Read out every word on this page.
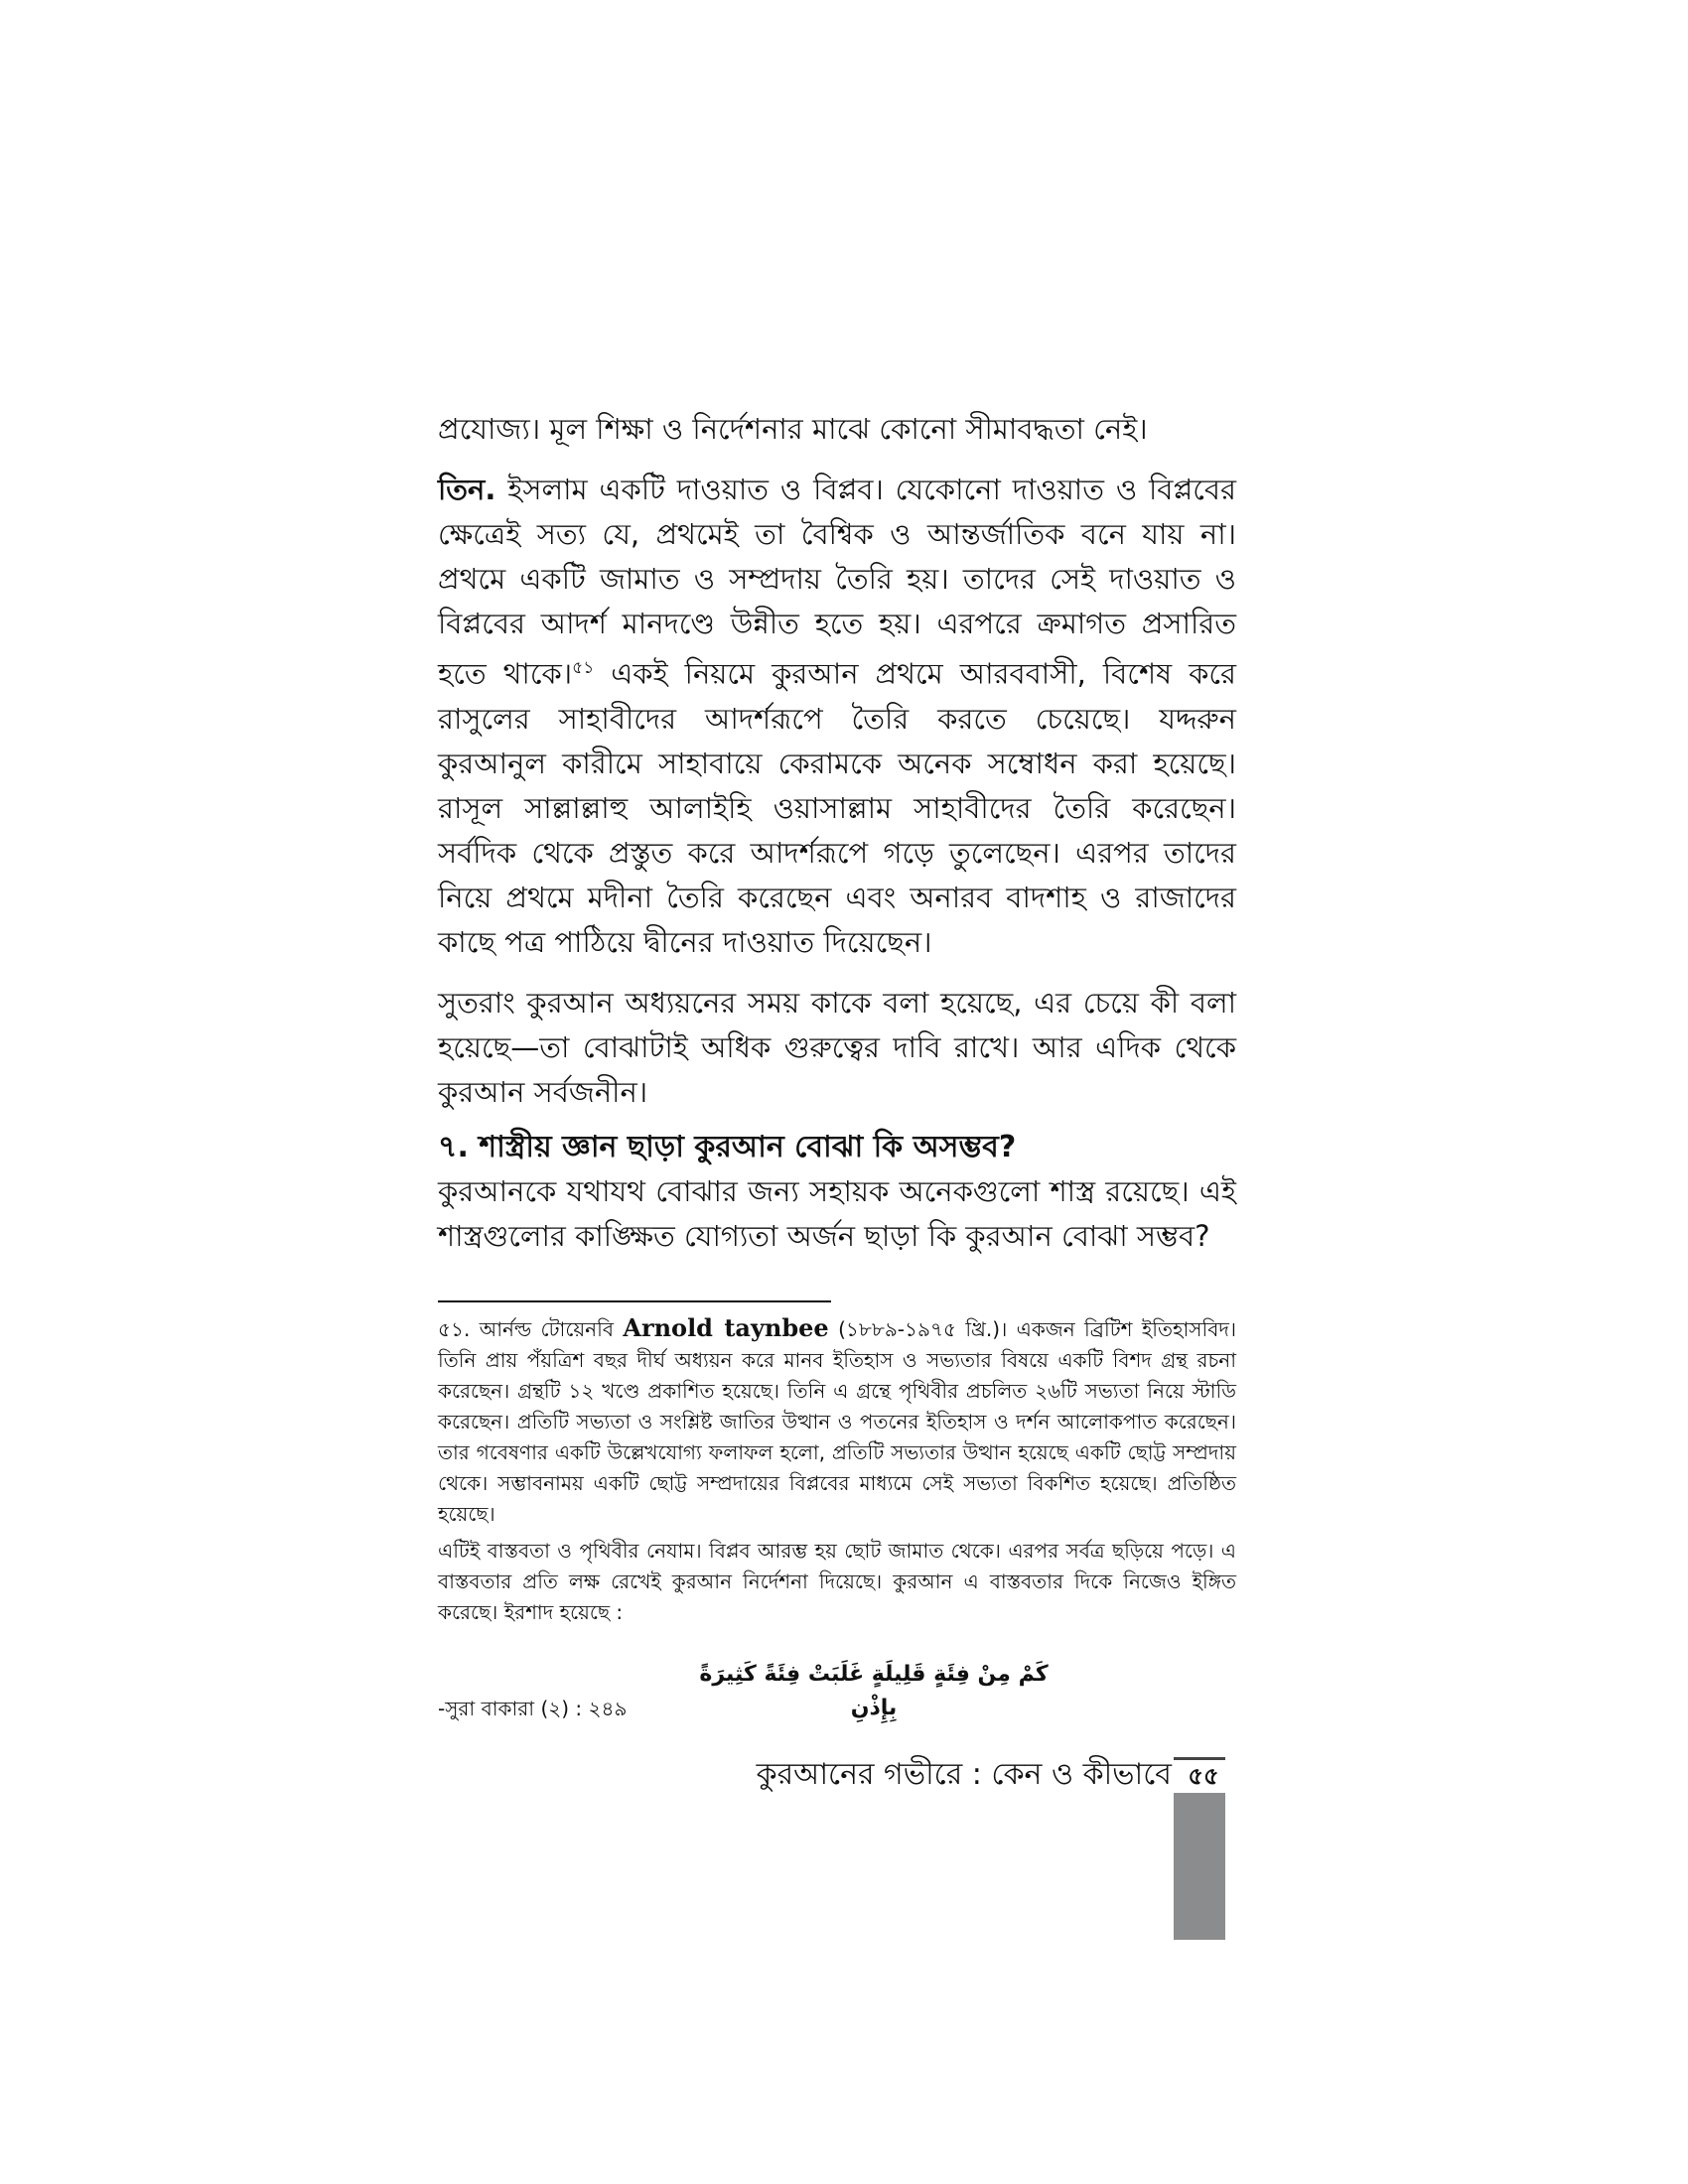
প্রযোজ্য। মূল শিক্ষা ও নির্দেশনার মাঝে কোনো সীমাবদ্ধতা নেই।

তিন. ইসলাম একটি দাওয়াত ও বিপ্লব। যেকোনো দাওয়াত ও বিপ্লবের ক্ষেত্রেই সত্য যে, প্রথমেই তা বৈশ্বিক ও আন্তর্জাতিক বনে যায় না। প্রথমে একটি জামাত ও সম্প্রদায় তৈরি হয়। তাদের সেই দাওয়াত ও বিপ্লবের আদর্শ মানদণ্ডে উন্নীত হতে হয়। এরপরে ক্রমাগত প্রসারিত হতে থাকে।$^{৫১}$ একই নিয়মে কুরআন প্রথমে আরববাসী, বিশেষ করে রাসুলের সাহাবীদের আদর্শরূপে তৈরি করতে চেয়েছে। যদ্দরুন কুরআনুল কারীমে সাহাবায়ে কেরামকে অনেক সম্বোধন করা হয়েছে। রাসূল সাল্লাল্লাহু আলাইহি ওয়াসাল্লাম সাহাবীদের তৈরি করেছেন। সর্বদিক থেকে প্রস্তুত করে আদর্শরূপে গড়ে তুলেছেন। এরপর তাদের নিয়ে প্রথমে মদীনা তৈরি করেছেন এবং অনারব বাদশাহ ও রাজাদের কাছে পত্র পাঠিয়ে দ্বীনের দাওয়াত দিয়েছেন।

সুতরাং কুরআন অধ্যয়নের সময় কাকে বলা হয়েছে, এর চেয়ে কী বলা হয়েছে—তা বোঝাটাই অধিক গুরুত্বের দাবি রাখে। আর এদিক থেকে কুরআন সর্বজনীন।

৭. শাস্ত্রীয় জ্ঞান ছাড়া কুরআন বোঝা কি অসম্ভব?

কুরআনকে যথাযথ বোঝার জন্য সহায়ক অনেকগুলো শাস্ত্র রয়েছে। এই শাস্ত্রগুলোর কাঙ্ক্ষিত যোগ্যতা অর্জন ছাড়া কি কুরআন বোঝা সম্ভব?

৫১. আর্নল্ড টোয়েনবি Arnold taynbee (১৮৮৯-১৯৭৫ খ্রি.)। একজন ব্রিটিশ ইতিহাসবিদ। তিনি প্রায় পঁয়ত্রিশ বছর দীর্ঘ অধ্যয়ন করে মানব ইতিহাস ও সভ্যতার বিষয়ে একটি বিশদ গ্রন্থ রচনা করেছেন। গ্রন্থটি ১২ খণ্ডে প্রকাশিত হয়েছে। তিনি এ গ্রন্থে পৃথিবীর প্রচলিত ২৬টি সভ্যতা নিয়ে স্টাডি করেছেন। প্রতিটি সভ্যতা ও সংশ্লিষ্ট জাতির উত্থান ও পতনের ইতিহাস ও দর্শন আলোকপাত করেছেন। তার গবেষণার একটি উল্লেখযোগ্য ফলাফল হলো, প্রতিটি সভ্যতার উত্থান হয়েছে একটি ছোট্ট সম্প্রদায় থেকে। সম্ভাবনাময় একটি ছোট্ট সম্প্রদায়ের বিপ্লবের মাধ্যমে সেই সভ্যতা বিকশিত হয়েছে। প্রতিষ্ঠিত হয়েছে।

এটিই বাস্তবতা ও পৃথিবীর নেযাম। বিপ্লব আরম্ভ হয় ছোট জামাত থেকে। এরপর সর্বত্র ছড়িয়ে পড়ে। এ বাস্তবতার প্রতি লক্ষ রেখেই কুরআন নির্দেশনা দিয়েছে। কুরআন এ বাস্তবতার দিকে নিজেও ইঙ্গিত করেছে। ইরশাদ হয়েছে :

كَمْ مِنْ فِئَةٍ قَلِيلَةٍ غَلَبَتْ فِئَةً كَثِيرَةً بِإِذْنِ
-সুরা বাকারা (২) : ২৪৯
কুরআনের গভীরে : কেন ও কীভাবে ৫৫
